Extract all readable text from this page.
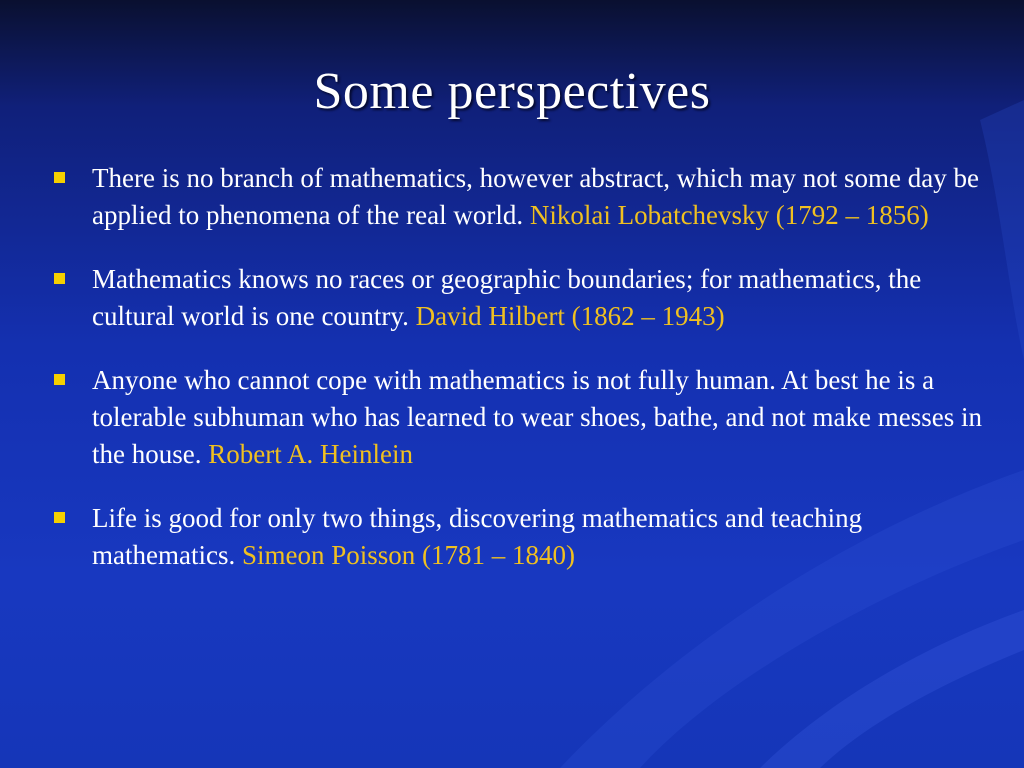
Some perspectives
There is no branch of mathematics, however abstract, which may not some day be applied to phenomena of the real world. Nikolai Lobatchevsky (1792 – 1856)
Mathematics knows no races or geographic boundaries; for mathematics, the cultural world is one country. David Hilbert (1862 – 1943)
Anyone who cannot cope with mathematics is not fully human. At best he is a tolerable subhuman who has learned to wear shoes, bathe, and not make messes in the house. Robert A. Heinlein
Life is good for only two things, discovering mathematics and teaching mathematics. Simeon Poisson (1781 – 1840)
